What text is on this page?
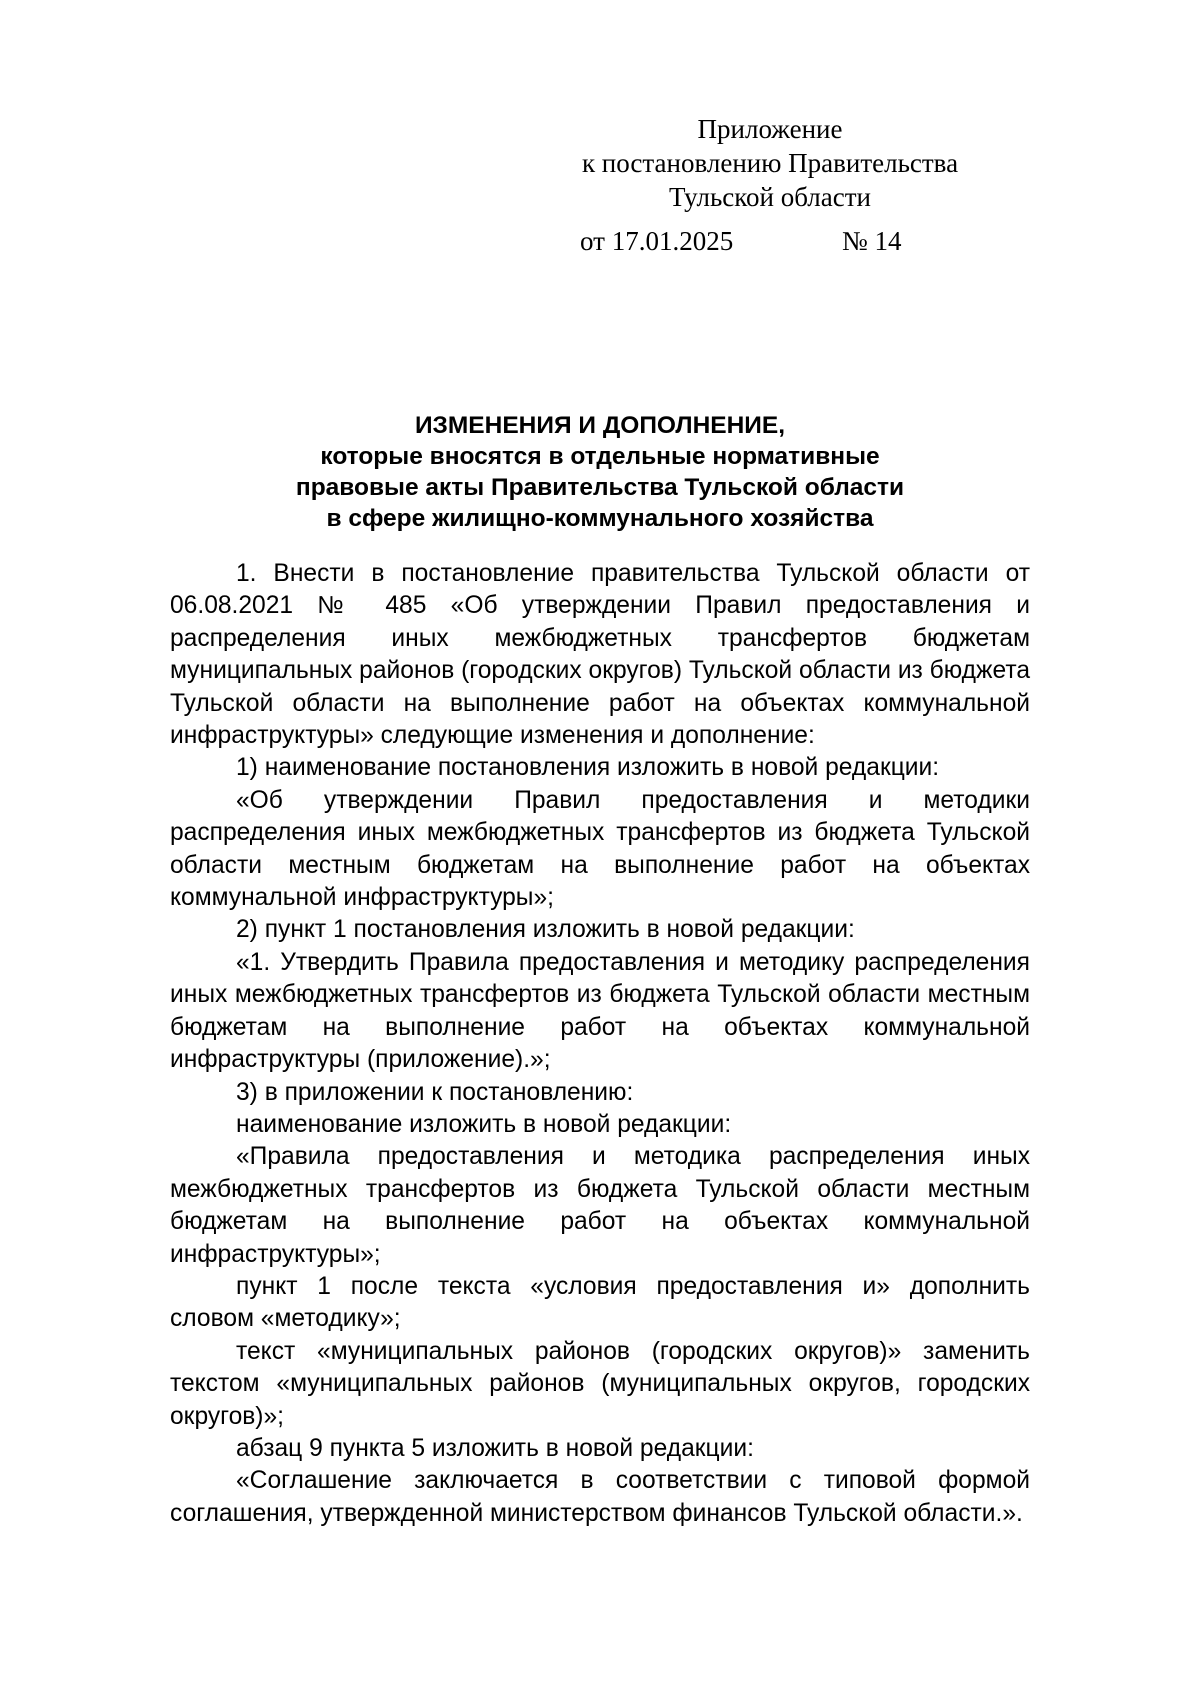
Приложение
к постановлению Правительства
Тульской области
от 17.01.2025	№ 14
ИЗМЕНЕНИЯ И ДОПОЛНЕНИЕ,
которые вносятся в отдельные нормативные
правовые акты Правительства Тульской области
в сфере жилищно-коммунального хозяйства

1. Внести в постановление правительства Тульской области от 06.08.2021 № 485 «Об утверждении Правил предоставления и распределения иных межбюджетных трансфертов бюджетам муниципальных районов (городских округов) Тульской области из бюджета Тульской области на выполнение работ на объектах коммунальной инфраструктуры» следующие изменения и дополнение:

1) наименование постановления изложить в новой редакции:

«Об утверждении Правил предоставления и методики распределения иных межбюджетных трансфертов из бюджета Тульской области местным бюджетам на выполнение работ на объектах коммунальной инфраструктуры»;

2) пункт 1 постановления изложить в новой редакции:

«1. Утвердить Правила предоставления и методику распределения иных межбюджетных трансфертов из бюджета Тульской области местным бюджетам на выполнение работ на объектах коммунальной инфраструктуры (приложение).»;

3) в приложении к постановлению:

наименование изложить в новой редакции:

«Правила предоставления и методика распределения иных межбюджетных трансфертов из бюджета Тульской области местным бюджетам на выполнение работ на объектах коммунальной инфраструктуры»;

пункт 1 после текста «условия предоставления и» дополнить словом «методику»;

текст «муниципальных районов (городских округов)» заменить текстом «муниципальных районов (муниципальных округов, городских округов)»;

абзац 9 пункта 5 изложить в новой редакции:

«Соглашение заключается в соответствии с типовой формой соглашения, утвержденной министерством финансов Тульской области.».
